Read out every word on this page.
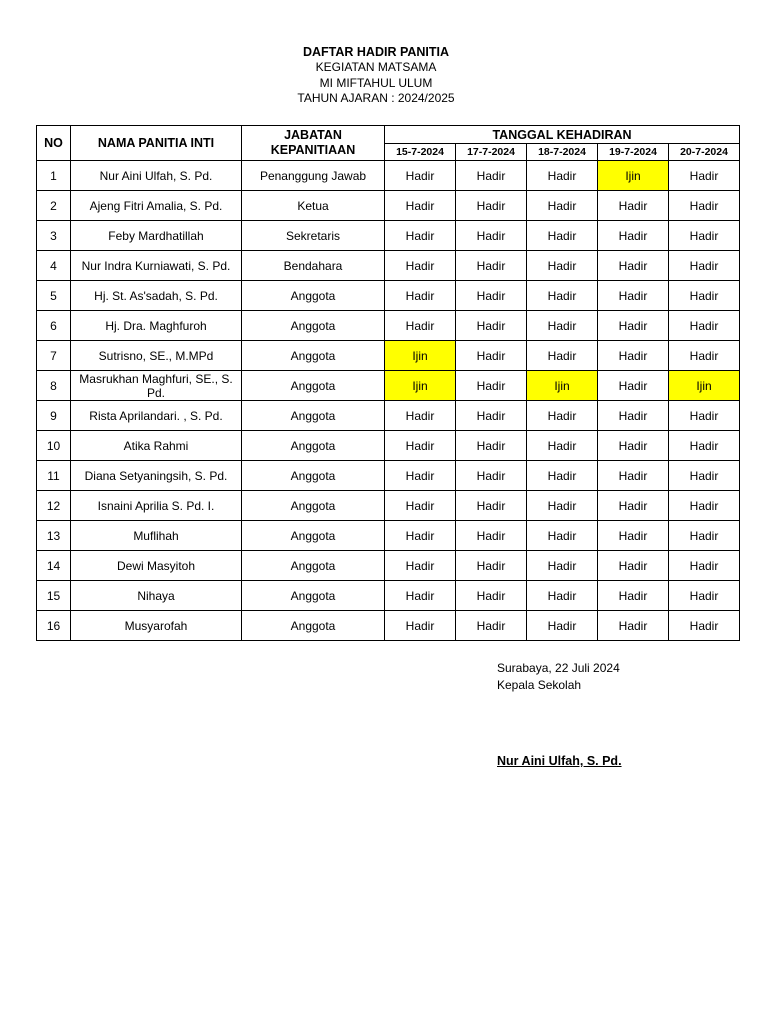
DAFTAR HADIR PANITIA
KEGIATAN MATSAMA
MI MIFTAHUL ULUM
TAHUN AJARAN : 2024/2025
NO	NAMA PANITIA INTI	JABATAN KEPANITIAAN	TANGGAL KEHADIRAN				
			15-7-2024	17-7-2024	18-7-2024	19-7-2024	20-7-2024
1	Nur Aini Ulfah, S. Pd.	Penanggung Jawab	Hadir	Hadir	Hadir	Ijin	Hadir
2	Ajeng Fitri Amalia, S. Pd.	Ketua	Hadir	Hadir	Hadir	Hadir	Hadir
3	Feby Mardhatillah	Sekretaris	Hadir	Hadir	Hadir	Hadir	Hadir
4	Nur Indra Kurniawati, S. Pd.	Bendahara	Hadir	Hadir	Hadir	Hadir	Hadir
5	Hj. St. As'sadah, S. Pd.	Anggota	Hadir	Hadir	Hadir	Hadir	Hadir
6	Hj. Dra. Maghfuroh	Anggota	Hadir	Hadir	Hadir	Hadir	Hadir
7	Sutrisno, SE., M.MPd	Anggota	Ijin	Hadir	Hadir	Hadir	Hadir
8	Masrukhan Maghfuri, SE., S. Pd.	Anggota	Ijin	Hadir	Ijin	Hadir	Ijin
9	Rista Aprilandari. , S. Pd.	Anggota	Hadir	Hadir	Hadir	Hadir	Hadir
10	Atika Rahmi	Anggota	Hadir	Hadir	Hadir	Hadir	Hadir
11	Diana Setyaningsih, S. Pd.	Anggota	Hadir	Hadir	Hadir	Hadir	Hadir
12	Isnaini Aprilia S. Pd. I.	Anggota	Hadir	Hadir	Hadir	Hadir	Hadir
13	Muflihah	Anggota	Hadir	Hadir	Hadir	Hadir	Hadir
14	Dewi Masyitoh	Anggota	Hadir	Hadir	Hadir	Hadir	Hadir
15	Nihaya	Anggota	Hadir	Hadir	Hadir	Hadir	Hadir
16	Musyarofah	Anggota	Hadir	Hadir	Hadir	Hadir	Hadir
Surabaya, 22 Juli 2024
Kepala Sekolah
Nur Aini Ulfah, S. Pd.
